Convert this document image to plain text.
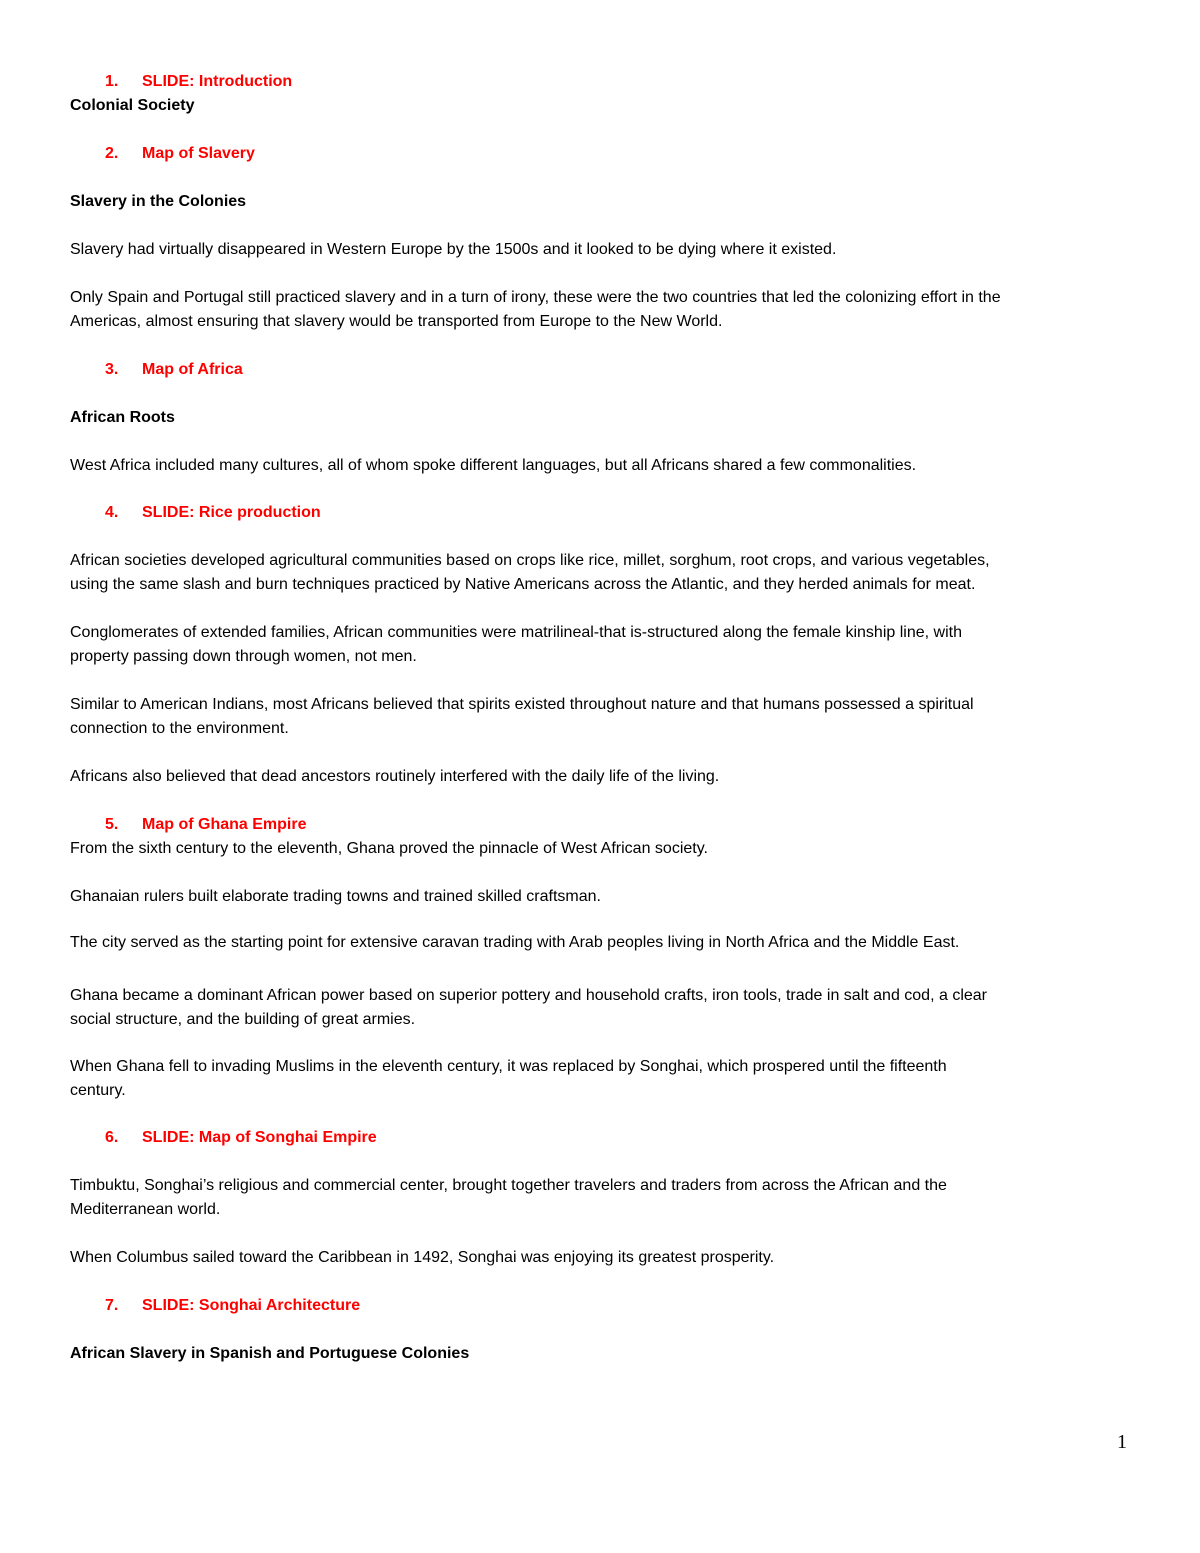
1. SLIDE: Introduction
Colonial Society
2. Map of Slavery
Slavery in the Colonies
Slavery had virtually disappeared in Western Europe by the 1500s and it looked to be dying where it existed.
Only Spain and Portugal still practiced slavery and in a turn of irony, these were the two countries that led the colonizing effort in the
Americas, almost ensuring that slavery would be transported from Europe to the New World.
3. Map of Africa
African Roots
West Africa included many cultures, all of whom spoke different languages, but all Africans shared a few commonalities.
4. SLIDE: Rice production
African societies developed agricultural communities based on crops like rice, millet, sorghum, root crops, and various vegetables,
using the same slash and burn techniques practiced by Native Americans across the Atlantic, and they herded animals for meat.
Conglomerates of extended families, African communities were matrilineal-that is-structured along the female kinship line, with
property passing down through women, not men.
Similar to American Indians, most Africans believed that spirits existed throughout nature and that humans possessed a spiritual
connection to the environment.
Africans also believed that dead ancestors routinely interfered with the daily life of the living.
5. Map of Ghana Empire
From the sixth century to the eleventh, Ghana proved the pinnacle of West African society.
Ghanaian rulers built elaborate trading towns and trained skilled craftsman.
The city served as the starting point for extensive caravan trading with Arab peoples living in North Africa and the Middle East.
Ghana became a dominant African power based on superior pottery and household crafts, iron tools, trade in salt and cod, a clear
social structure, and the building of great armies.
When Ghana fell to invading Muslims in the eleventh century, it was replaced by Songhai, which prospered until the fifteenth
century.
6. SLIDE: Map of Songhai Empire
Timbuktu, Songhai’s religious and commercial center, brought together travelers and traders from across the African and the
Mediterranean world.
When Columbus sailed toward the Caribbean in 1492, Songhai was enjoying its greatest prosperity.
7. SLIDE: Songhai Architecture
African Slavery in Spanish and Portuguese Colonies
1
